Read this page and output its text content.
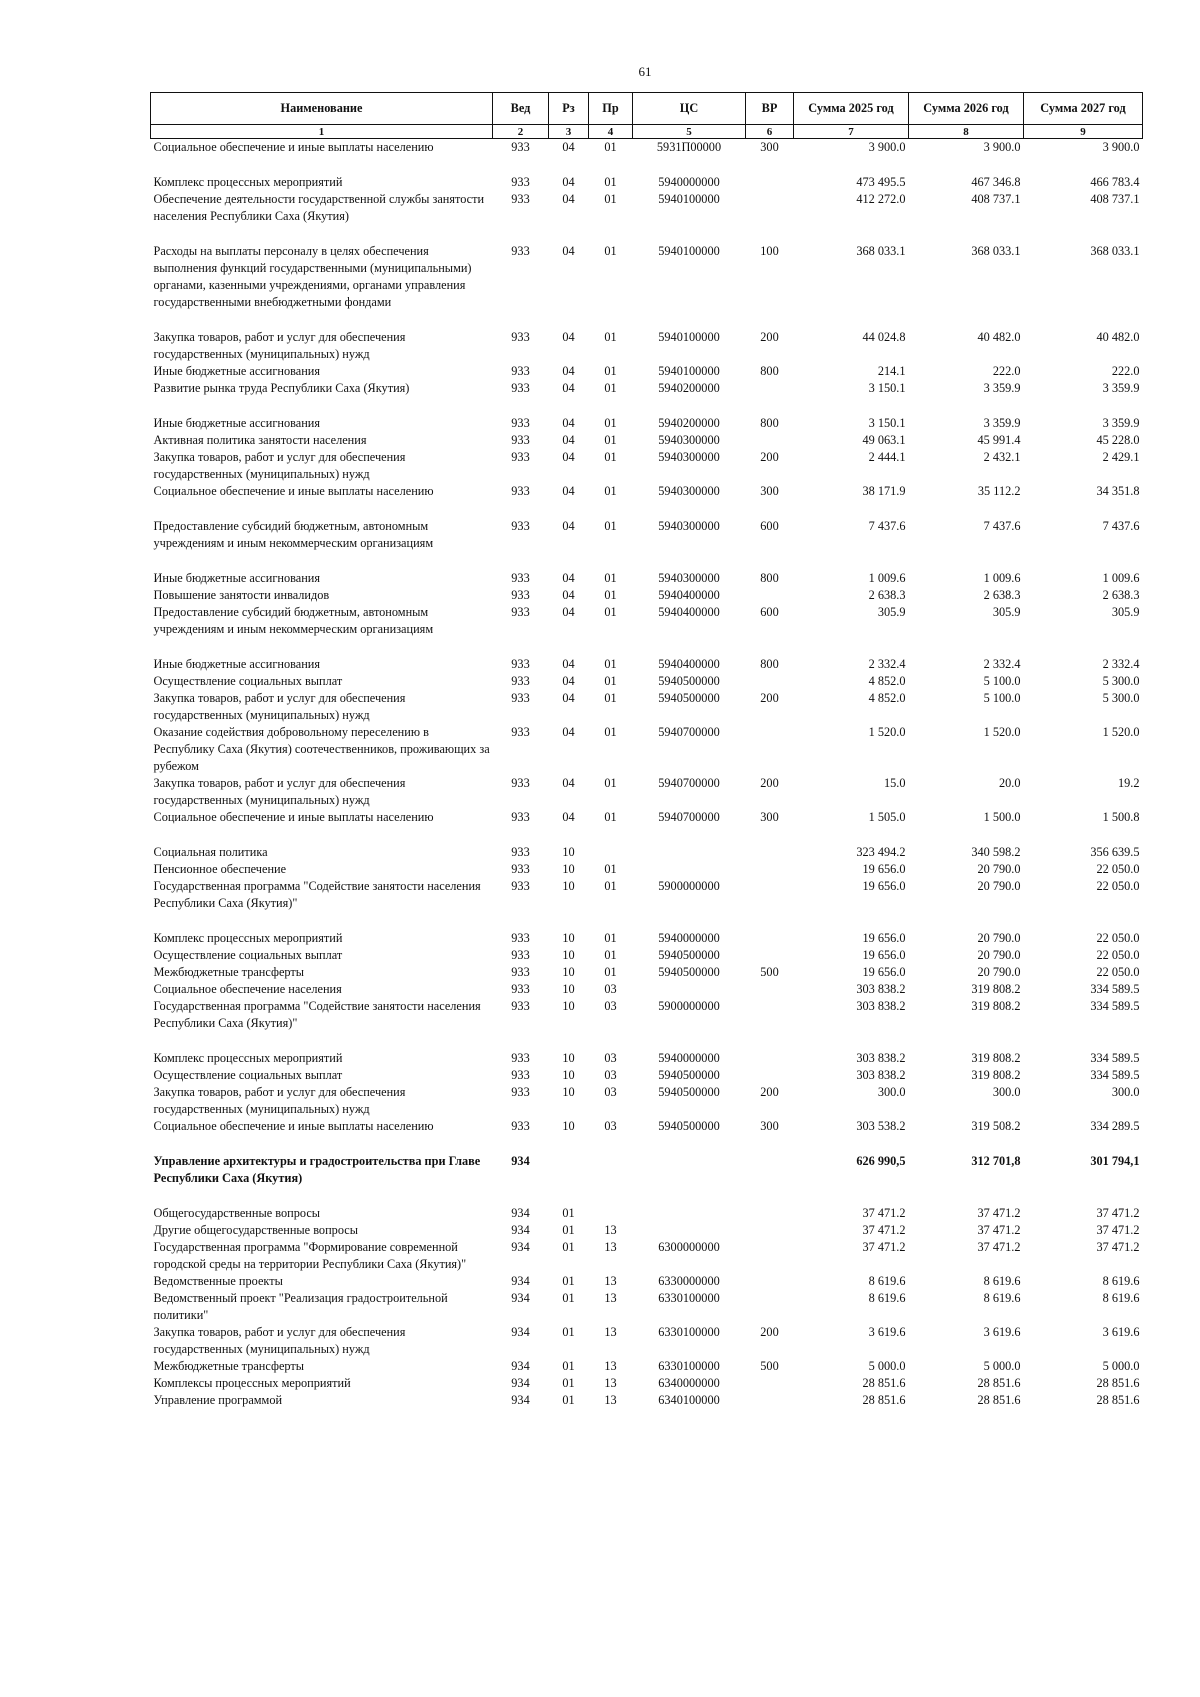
61
Наименование	Вед	Рз	Пр	ЦС	ВР	Сумма 2025 год	Сумма 2026 год	Сумма 2027 год
1	2	3	4	5	6	7	8	9
Социальное обеспечение и иные выплаты населению	933	04	01	5931П00000	300	3 900.0	3 900.0	3 900.0
Комплекс процессных мероприятий	933	04	01	5940000000		473 495.5	467 346.8	466 783.4
Обеспечение деятельности государственной службы занятости населения Республики Саха (Якутия)	933	04	01	5940100000		412 272.0	408 737.1	408 737.1
Расходы на выплаты персоналу в целях обеспечения выполнения функций государственными (муниципальными) органами, казенными учреждениями, органами управления государственными внебюджетными фондами	933	04	01	5940100000	100	368 033.1	368 033.1	368 033.1
Закупка товаров, работ и услуг для обеспечения государственных (муниципальных) нужд	933	04	01	5940100000	200	44 024.8	40 482.0	40 482.0
Иные бюджетные ассигнования	933	04	01	5940100000	800	214.1	222.0	222.0
Развитие рынка труда Республики Саха (Якутия)	933	04	01	5940200000		3 150.1	3 359.9	3 359.9
Иные бюджетные ассигнования	933	04	01	5940200000	800	3 150.1	3 359.9	3 359.9
Активная политика занятости населения	933	04	01	5940300000		49 063.1	45 991.4	45 228.0
Закупка товаров, работ и услуг для обеспечения государственных (муниципальных) нужд	933	04	01	5940300000	200	2 444.1	2 432.1	2 429.1
Социальное обеспечение и иные выплаты населению	933	04	01	5940300000	300	38 171.9	35 112.2	34 351.8
Предоставление субсидий бюджетным, автономным учреждениям и иным некоммерческим организациям	933	04	01	5940300000	600	7 437.6	7 437.6	7 437.6
Иные бюджетные ассигнования	933	04	01	5940300000	800	1 009.6	1 009.6	1 009.6
Повышение занятости инвалидов	933	04	01	5940400000		2 638.3	2 638.3	2 638.3
Предоставление субсидий бюджетным, автономным учреждениям и иным некоммерческим организациям	933	04	01	5940400000	600	305.9	305.9	305.9
Иные бюджетные ассигнования	933	04	01	5940400000	800	2 332.4	2 332.4	2 332.4
Осуществление социальных выплат	933	04	01	5940500000		4 852.0	5 100.0	5 300.0
Закупка товаров, работ и услуг для обеспечения государственных (муниципальных) нужд	933	04	01	5940500000	200	4 852.0	5 100.0	5 300.0
Оказание содействия добровольному переселению в Республику Саха (Якутия) соотечественников, проживающих за рубежом	933	04	01	5940700000		1 520.0	1 520.0	1 520.0
Закупка товаров, работ и услуг для обеспечения государственных (муниципальных) нужд	933	04	01	5940700000	200	15.0	20.0	19.2
Социальное обеспечение и иные выплаты населению	933	04	01	5940700000	300	1 505.0	1 500.0	1 500.8
Социальная политика	933	10				323 494.2	340 598.2	356 639.5
Пенсионное обеспечение	933	10	01			19 656.0	20 790.0	22 050.0
Государственная программа "Содействие занятости населения Республики Саха (Якутия)"	933	10	01	5900000000		19 656.0	20 790.0	22 050.0
Комплекс процессных мероприятий	933	10	01	5940000000		19 656.0	20 790.0	22 050.0
Осуществление социальных выплат	933	10	01	5940500000		19 656.0	20 790.0	22 050.0
Межбюджетные трансферты	933	10	01	5940500000	500	19 656.0	20 790.0	22 050.0
Социальное обеспечение населения	933	10	03			303 838.2	319 808.2	334 589.5
Государственная программа "Содействие занятости населения Республики Саха (Якутия)"	933	10	03	5900000000		303 838.2	319 808.2	334 589.5
Комплекс процессных мероприятий	933	10	03	5940000000		303 838.2	319 808.2	334 589.5
Осуществление социальных выплат	933	10	03	5940500000		303 838.2	319 808.2	334 589.5
Закупка товаров, работ и услуг для обеспечения государственных (муниципальных) нужд	933	10	03	5940500000	200	300.0	300.0	300.0
Социальное обеспечение и иные выплаты населению	933	10	03	5940500000	300	303 538.2	319 508.2	334 289.5
Управление архитектуры и градостроительства при Главе Республики Саха (Якутия)	934					626 990,5	312 701,8	301 794,1
Общегосударственные вопросы	934	01				37 471.2	37 471.2	37 471.2
Другие общегосударственные вопросы	934	01	13			37 471.2	37 471.2	37 471.2
Государственная программа "Формирование современной городской среды на территории Республики Саха (Якутия)"	934	01	13	6300000000		37 471.2	37 471.2	37 471.2
Ведомственные проекты	934	01	13	6330000000		8 619.6	8 619.6	8 619.6
Ведомственный проект "Реализация градостроительной политики"	934	01	13	6330100000		8 619.6	8 619.6	8 619.6
Закупка товаров, работ и услуг для обеспечения государственных (муниципальных) нужд	934	01	13	6330100000	200	3 619.6	3 619.6	3 619.6
Межбюджетные трансферты	934	01	13	6330100000	500	5 000.0	5 000.0	5 000.0
Комплексы процессных мероприятий	934	01	13	6340000000		28 851.6	28 851.6	28 851.6
Управление программой	934	01	13	6340100000		28 851.6	28 851.6	28 851.6
